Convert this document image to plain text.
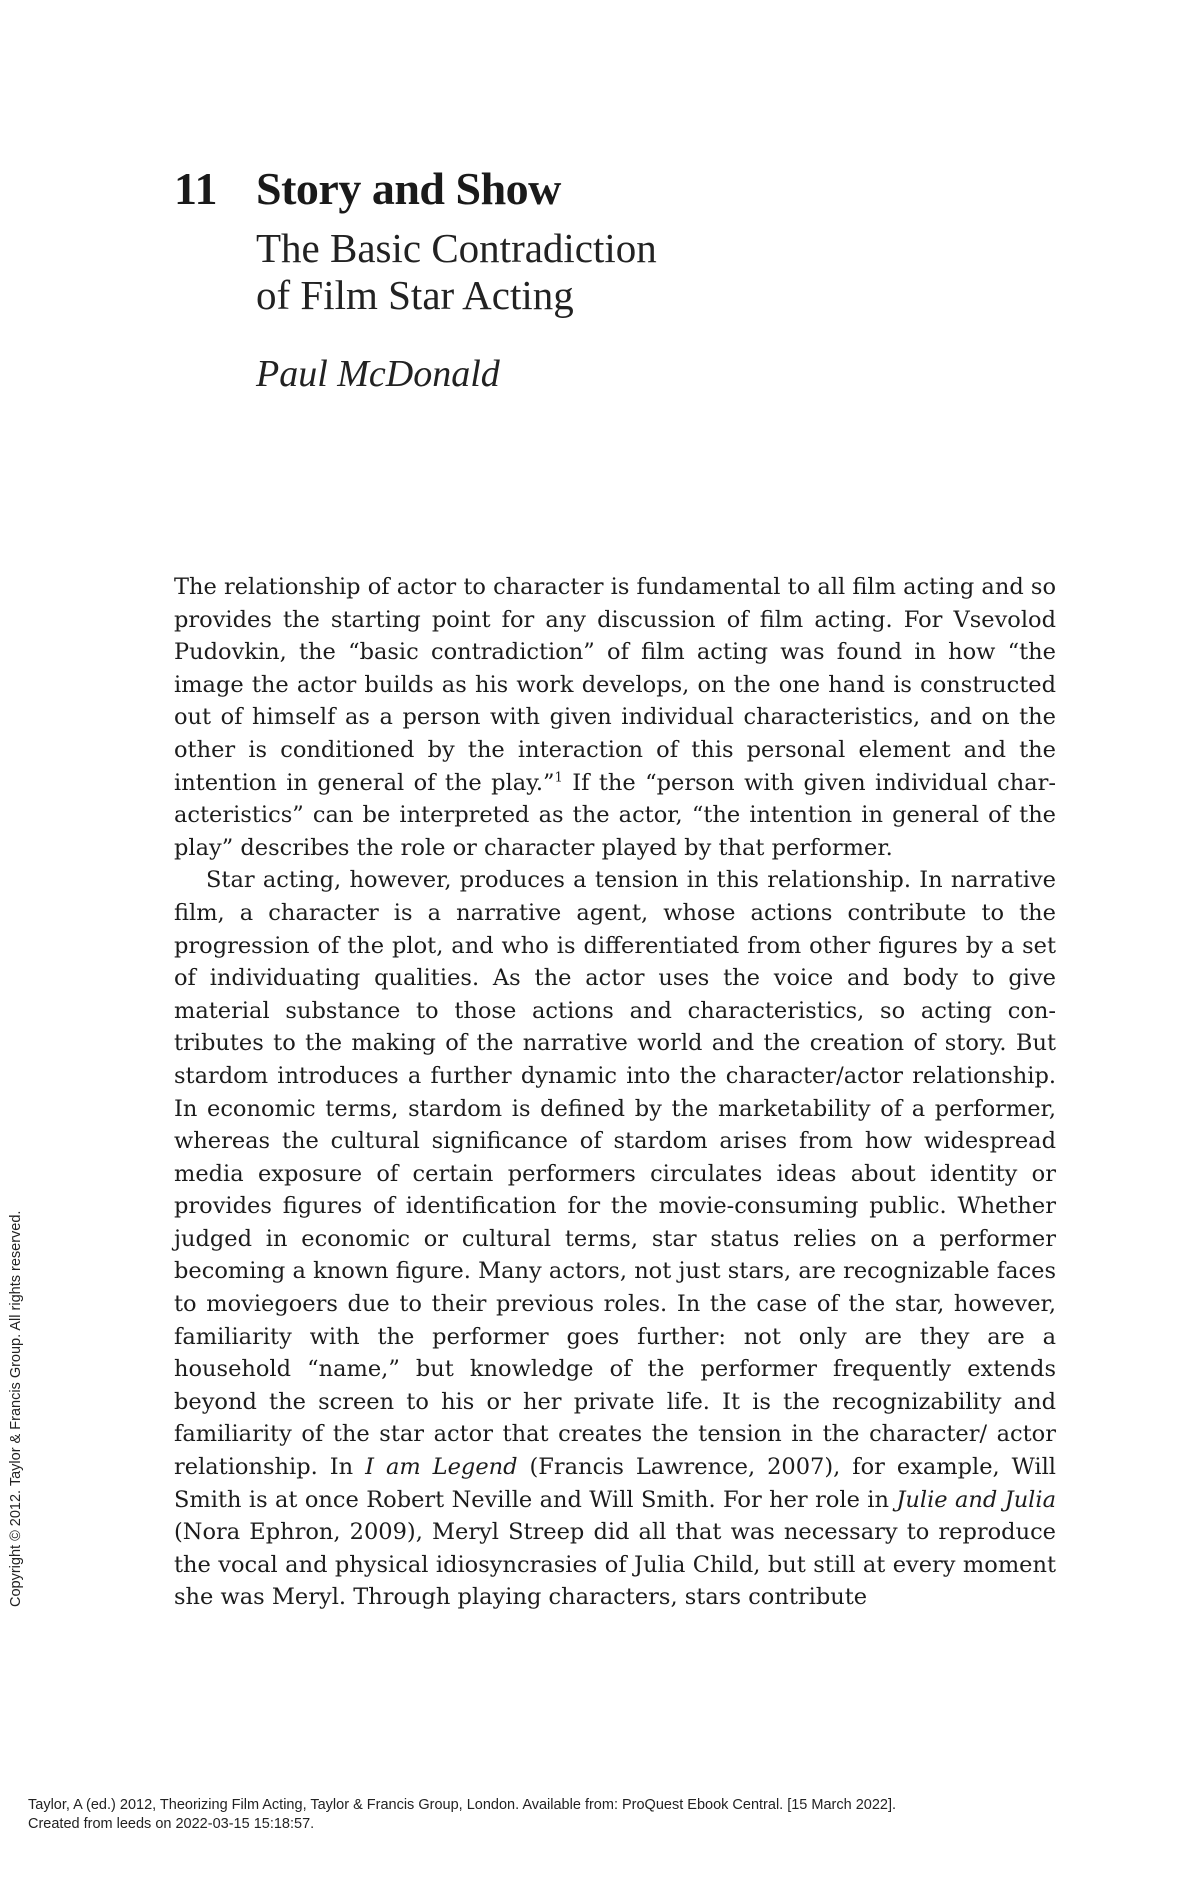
11 Story and Show
The Basic Contradiction
of Film Star Acting
Paul McDonald

The relationship of actor to character is fundamental to all film acting and so provides the starting point for any discussion of film acting. For Vsevolod Pudovkin, the “basic contradiction” of film acting was found in how “the image the actor builds as his work develops, on the one hand is constructed out of himself as a person with given individual characteristics, and on the other is conditioned by the interaction of this personal element and the intention in general of the play.”$^1$ If the “person with given individual characteristics” can be interpreted as the actor, “the intention in general of the play” describes the role or character played by that performer.

Star acting, however, produces a tension in this relationship. In narrative film, a character is a narrative agent, whose actions contribute to the progression of the plot, and who is differentiated from other figures by a set of individuating qualities. As the actor uses the voice and body to give material substance to those actions and characteristics, so acting contributes to the making of the narrative world and the creation of story. But stardom introduces a further dynamic into the character/actor relationship. In economic terms, stardom is defined by the marketability of a performer, whereas the cultural significance of stardom arises from how widespread media exposure of certain performers circulates ideas about identity or provides figures of identification for the movie-consuming public. Whether judged in economic or cultural terms, star status relies on a performer becoming a known figure. Many actors, not just stars, are recognizable faces to moviegoers due to their previous roles. In the case of the star, however, familiarity with the performer goes further: not only are they are a household “name,” but knowledge of the performer frequently extends beyond the screen to his or her private life. It is the recognizability and familiarity of the star actor that creates the tension in the character/ actor relationship. In I am Legend (Francis Lawrence, 2007), for example, Will Smith is at once Robert Neville and Will Smith. For her role in Julie and Julia (Nora Ephron, 2009), Meryl Streep did all that was necessary to reproduce the vocal and physical idiosyncrasies of Julia Child, but still at every moment she was Meryl. Through playing characters, stars contribute

Copyright © 2012. Taylor & Francis Group. All rights reserved.
Taylor, A (ed.) 2012, Theorizing Film Acting, Taylor & Francis Group, London. Available from: ProQuest Ebook Central. [15 March 2022].
Created from leeds on 2022-03-15 15:18:57.
